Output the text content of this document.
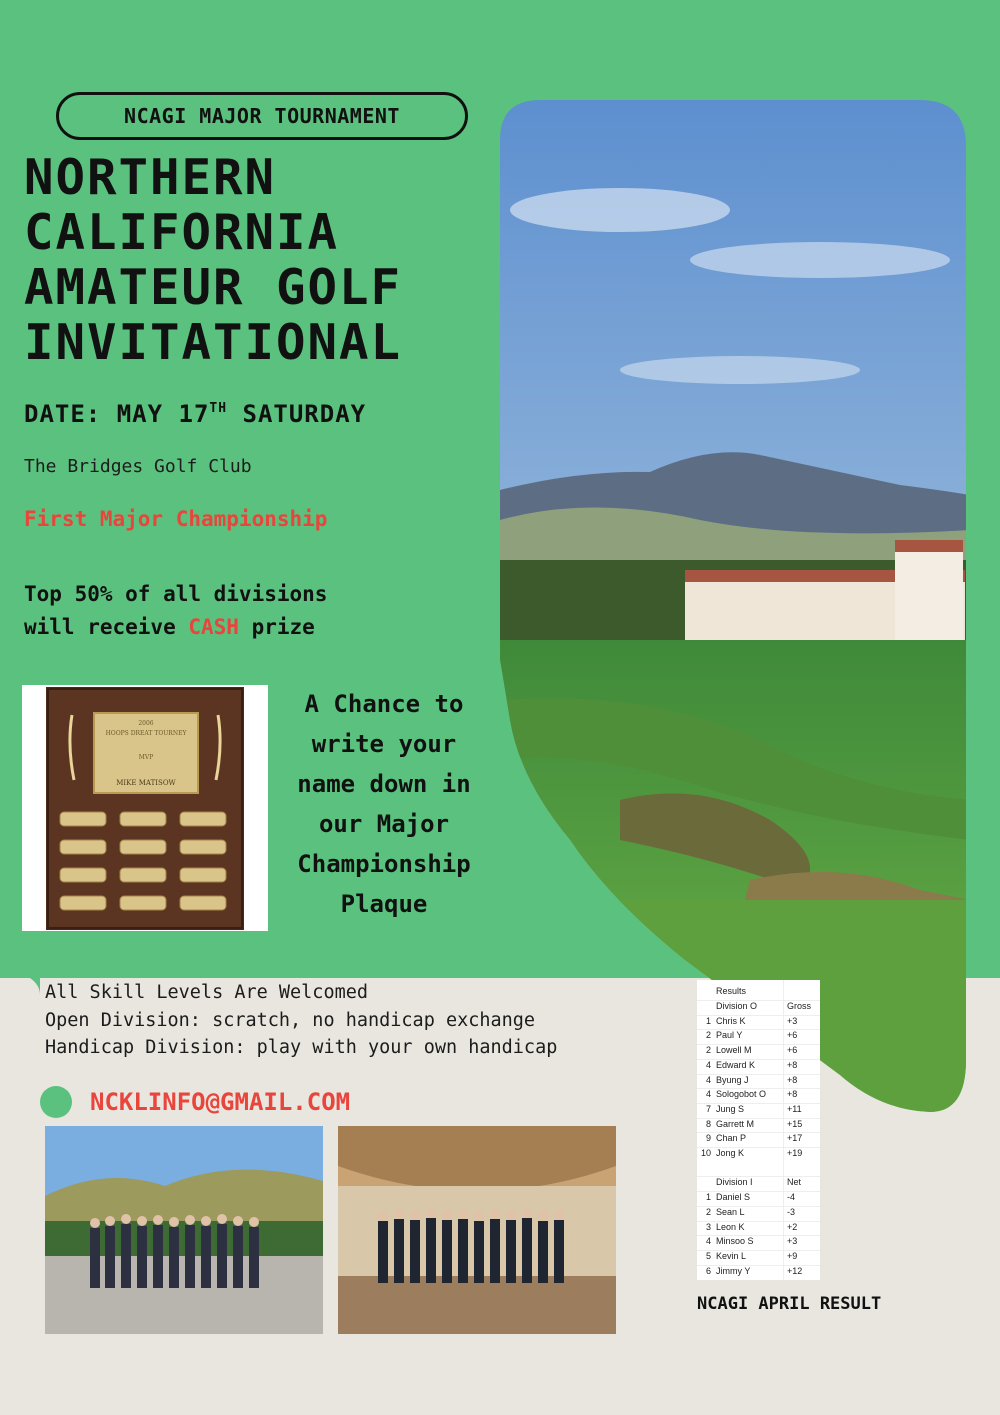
NCAGI MAJOR TOURNAMENT
NORTHERN
CALIFORNIA
AMATEUR GOLF
INVITATIONAL
DATE: MAY 17TH SATURDAY
The Bridges Golf Club
First Major Championship
Top 50% of all divisions
will receive CASH prize
2006
HOOPS DREAT TOURNEY
MVP
MIKE MATISOW
A Chance to
write your
name down in
our Major
Championship
Plaque
All Skill Levels Are Welcomed
Open Division: scratch, no handicap exchange
Handicap Division: play with your own handicap
NCKLINFO@GMAIL.COM
Results
Division O	Gross
1 Chris K	+3
2 Paul Y	+6
2 Lowell M	+6
4 Edward K	+8
4 Byung J	+8
4 Sologobot O +8
7 Jung S	+11
8 Garrett M	+15
9 Chan P	+17
10 Jong K	+19
Division I	Net
1 Daniel S	-4
2 Sean L	-3
3 Leon K	+2
4 Minsoo S	+3
5 Kevin L	+9
6 Jimmy Y	+12
NCAGI APRIL RESULT
